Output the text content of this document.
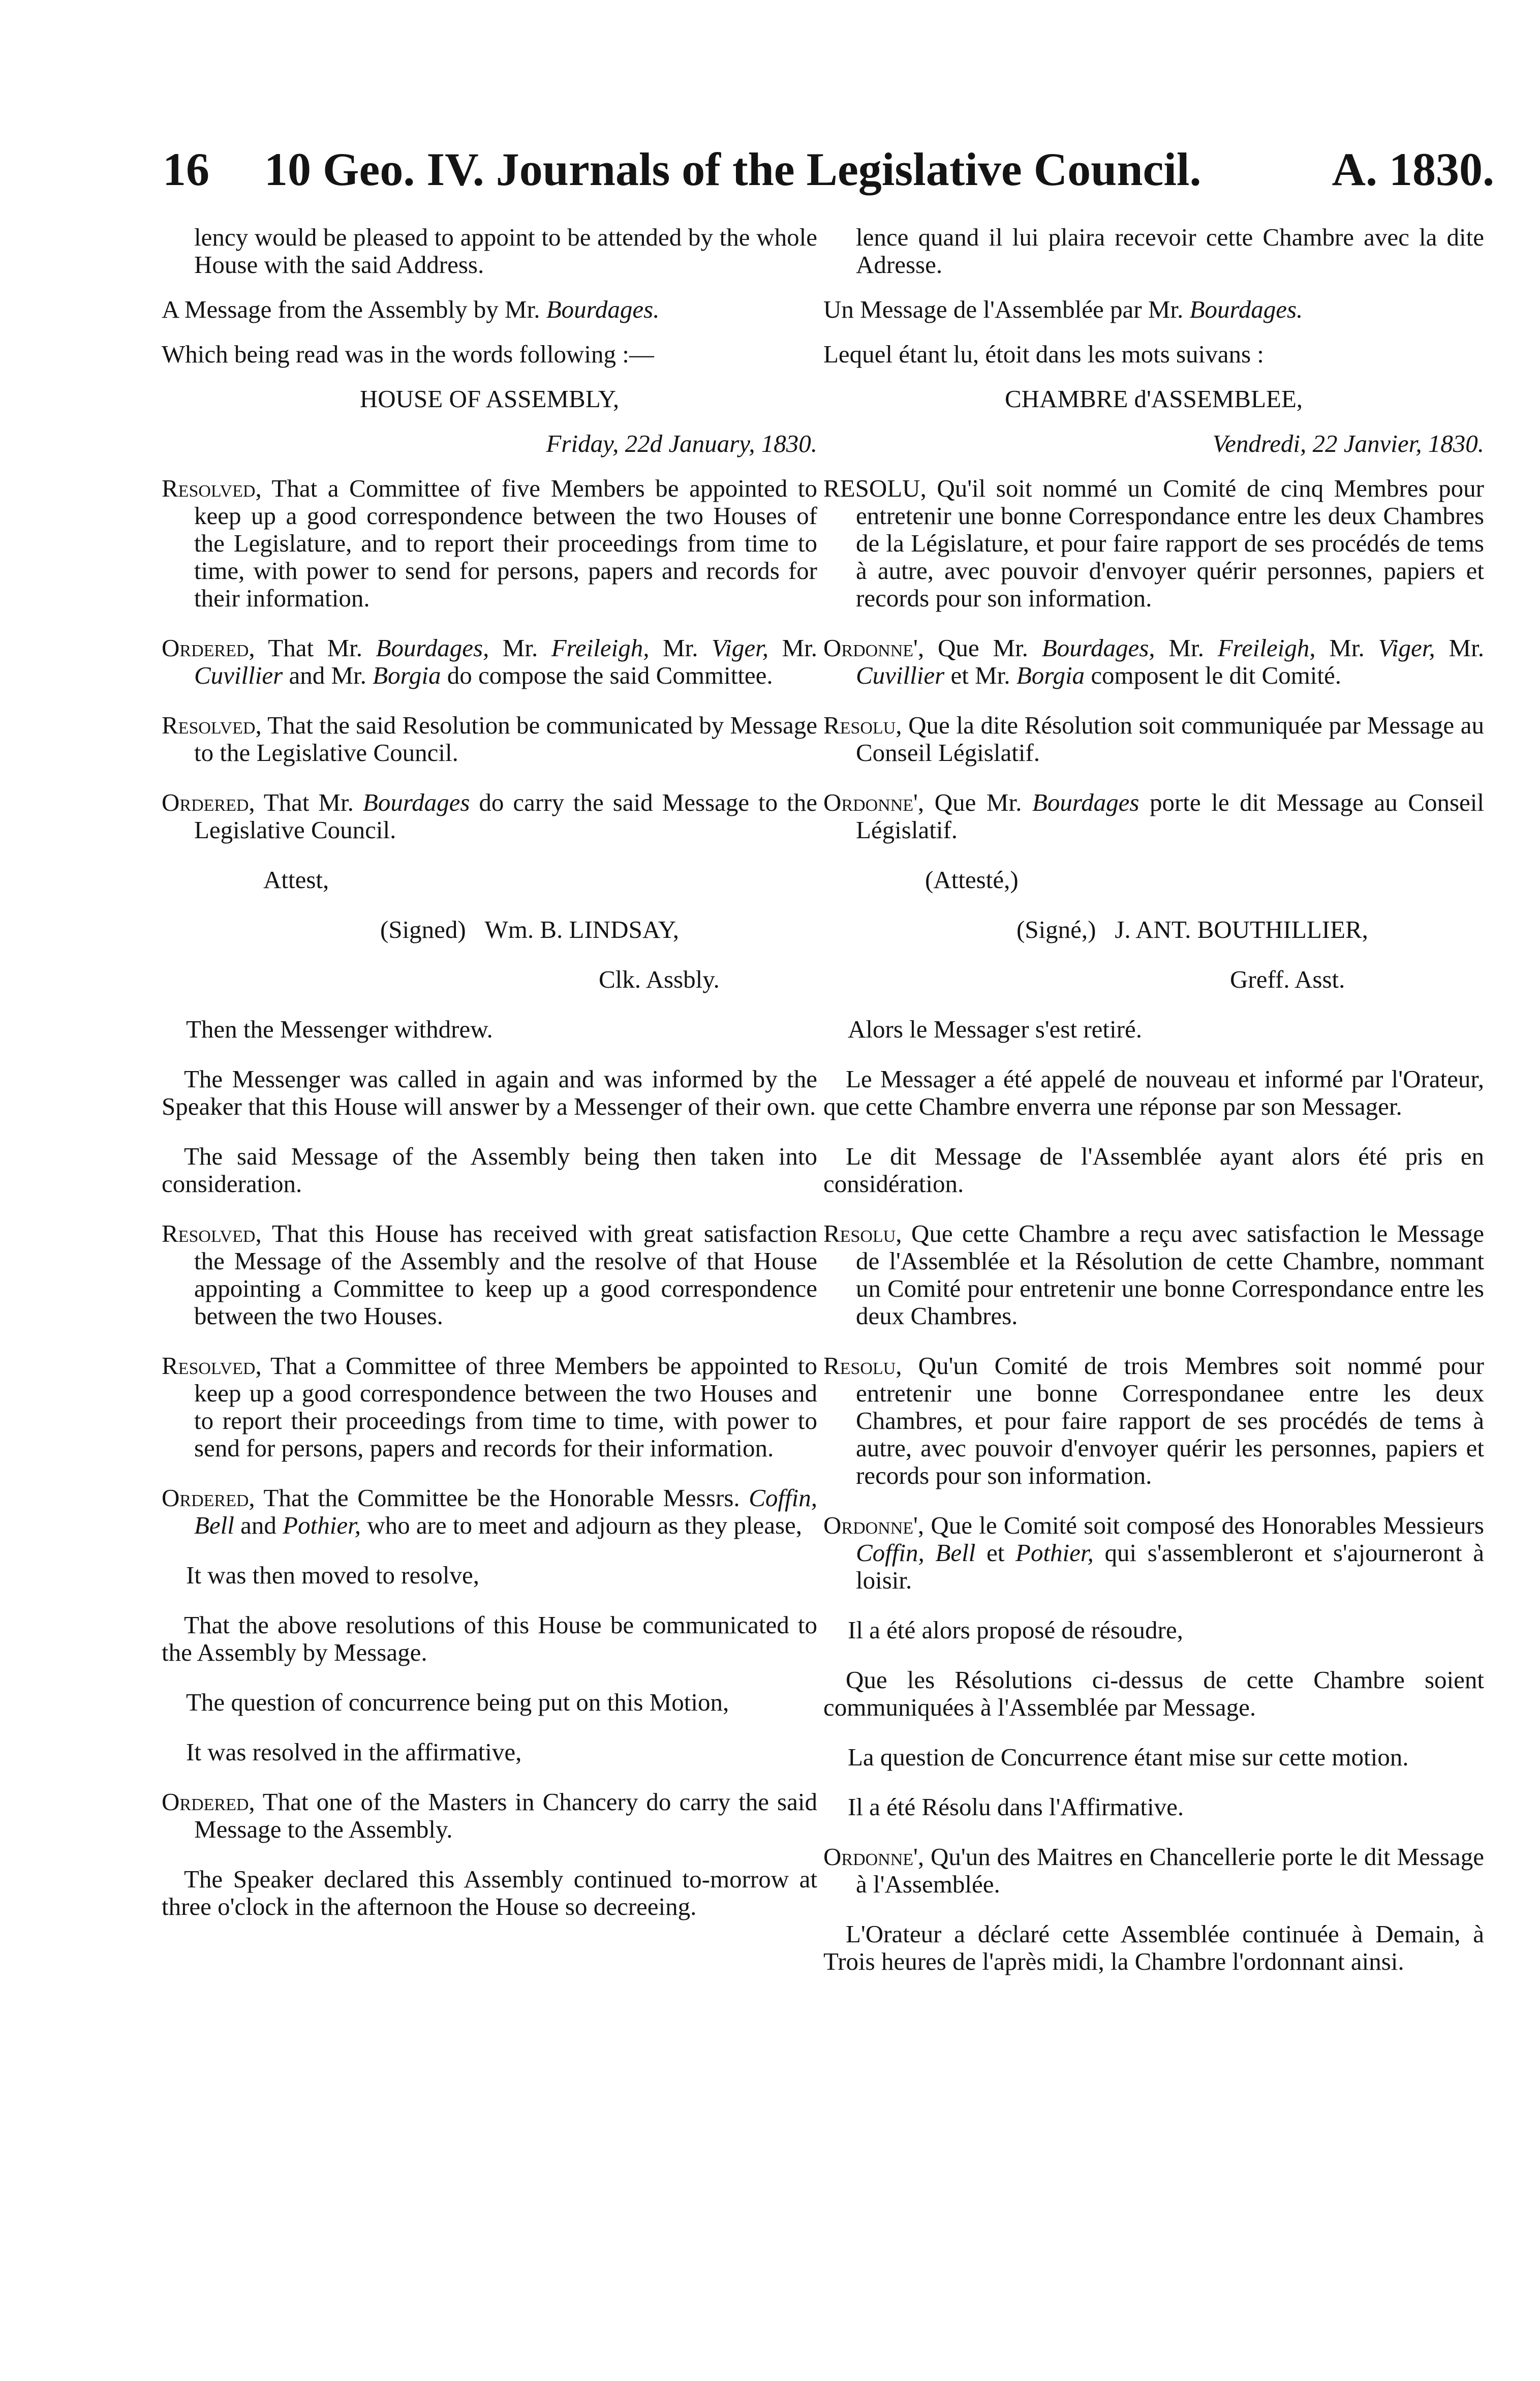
16 10 Geo. IV. Journals of the Legislative Council.	A. 1830.

lency would be pleased to appoint to be attended by the whole House with the said Address.

A Message from the Assembly by Mr. Bourdages.

Which being read was in the words following :—

HOUSE OF ASSEMBLY,

Friday, 22d January, 1830.

Resolved, That a Committee of five Members be appointed to keep up a good correspondence between the two Houses of the Legislature, and to report their proceedings from time to time, with power to send for persons, papers and records for their information.

Ordered, That Mr. Bourdages, Mr. Freileigh, Mr. Viger, Mr. Cuvillier and Mr. Borgia do compose the said Committee.

Resolved, That the said Resolution be communicated by Message to the Legislative Council.

Ordered, That Mr. Bourdages do carry the said Message to the Legislative Council.

Attest,

(Signed) Wm. B. LINDSAY,

Clk. Assbly.

Then the Messenger withdrew.

The Messenger was called in again and was informed by the Speaker that this House will answer by a Messenger of their own.

The said Message of the Assembly being then taken into consideration.

Resolved, That this House has received with great satisfaction the Message of the Assembly and the resolve of that House appointing a Committee to keep up a good correspondence between the two Houses.

Resolved, That a Committee of three Members be appointed to keep up a good correspondence between the two Houses and to report their proceedings from time to time, with power to send for persons, papers and records for their information.

Ordered, That the Committee be the Honorable Messrs. Coffin, Bell and Pothier, who are to meet and adjourn as they please,

It was then moved to resolve,

That the above resolutions of this House be communicated to the Assembly by Message.

The question of concurrence being put on this Motion,

It was resolved in the affirmative,

Ordered, That one of the Masters in Chancery do carry the said Message to the Assembly.

The Speaker declared this Assembly continued to-morrow at three o'clock in the afternoon the House so decreeing.

lence quand il lui plaira recevoir cette Chambre avec la dite Adresse.

Un Message de l'Assemblée par Mr. Bourdages.

Lequel étant lu, étoit dans les mots suivans :

CHAMBRE d'ASSEMBLEE,

Vendredi, 22 Janvier, 1830.

RESOLU, Qu'il soit nommé un Comité de cinq Membres pour entretenir une bonne Correspondance entre les deux Chambres de la Législature, et pour faire rapport de ses procédés de tems à autre, avec pouvoir d'envoyer quérir personnes, papiers et records pour son information.

Ordonne', Que Mr. Bourdages, Mr. Freileigh, Mr. Viger, Mr. Cuvillier et Mr. Borgia composent le dit Comité.

Resolu, Que la dite Résolution soit communiquée par Message au Conseil Législatif.

Ordonne', Que Mr. Bourdages porte le dit Message au Conseil Législatif.

(Attesté,)

(Signé,) J. ANT. BOUTHILLIER,

Greff. Asst.

Alors le Messager s'est retiré.

Le Messager a été appelé de nouveau et informé par l'Orateur, que cette Chambre enverra une réponse par son Messager.

Le dit Message de l'Assemblée ayant alors été pris en considération.

Resolu, Que cette Chambre a reçu avec satisfaction le Message de l'Assemblée et la Résolution de cette Chambre, nommant un Comité pour entretenir une bonne Correspondance entre les deux Chambres.

Resolu, Qu'un Comité de trois Membres soit nommé pour entretenir une bonne Correspondanee entre les deux Chambres, et pour faire rapport de ses procédés de tems à autre, avec pouvoir d'envoyer quérir les personnes, papiers et records pour son information.

Ordonne', Que le Comité soit composé des Honorables Messieurs Coffin, Bell et Pothier, qui s'assembleront et s'ajourneront à loisir.

Il a été alors proposé de résoudre,

Que les Résolutions ci-dessus de cette Chambre soient communiquées à l'Assemblée par Message.

La question de Concurrence étant mise sur cette motion.

Il a été Résolu dans l'Affirmative.

Ordonne', Qu'un des Maitres en Chancellerie porte le dit Message à l'Assemblée.

L'Orateur a déclaré cette Assemblée continuée à Demain, à Trois heures de l'après midi, la Chambre l'ordonnant ainsi.
